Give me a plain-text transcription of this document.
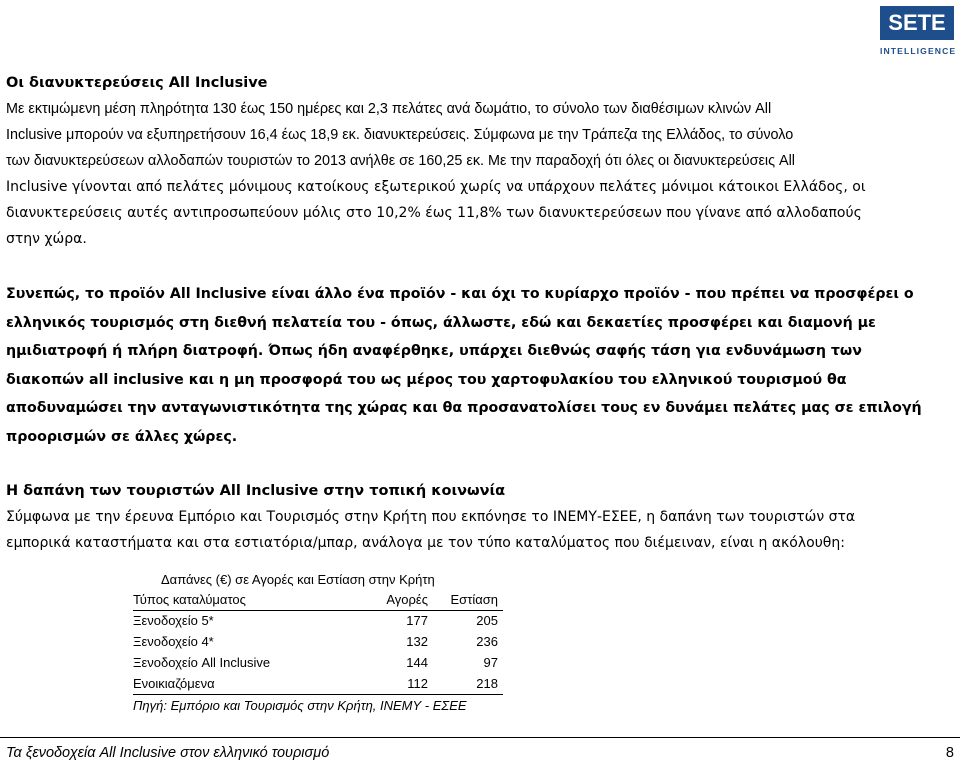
SETE
INTELLIGENCE

Οι διανυκτερεύσεις All Inclusive

Με εκτιμώμενη μέση πληρότητα 130 έως 150 ημέρες και 2,3 πελάτες ανά δωμάτιο, το σύνολο των διαθέσιμων κλινών All

Inclusive μπορούν να εξυπηρετήσουν 16,4 έως 18,9 εκ. διανυκτερεύσεις. Σύμφωνα με την Τράπεζα της Ελλάδος, το σύνολο

των διανυκτερεύσεων αλλοδαπών τουριστών το 2013 ανήλθε σε 160,25 εκ. Με την παραδοχή ότι όλες οι διανυκτερεύσεις All

Inclusive γίνονται από πελάτες μόνιμους κατοίκους εξωτερικού χωρίς να υπάρχουν πελάτες μόνιμοι κάτοικοι Ελλάδος, οι

διανυκτερεύσεις αυτές αντιπροσωπεύουν μόλις στο 10,2% έως 11,8% των διανυκτερεύσεων που γίνανε από αλλοδαπούς

στην χώρα.

Συνεπώς, το προϊόν All Inclusive είναι άλλο ένα προϊόν - και όχι το κυρίαρχο προϊόν - που πρέπει να προσφέρει ο

ελληνικός τουρισμός στη διεθνή πελατεία του - όπως, άλλωστε, εδώ και δεκαετίες προσφέρει και διαμονή με

ημιδιατροφή ή πλήρη διατροφή. Όπως ήδη αναφέρθηκε, υπάρχει διεθνώς σαφής τάση για ενδυνάμωση των

διακοπών all inclusive και η μη προσφορά του ως μέρος του χαρτοφυλακίου του ελληνικού τουρισμού θα

αποδυναμώσει την ανταγωνιστικότητα της χώρας και θα προσανατολίσει τους εν δυνάμει πελάτες μας σε επιλογή

προορισμών σε άλλες χώρες.

Η δαπάνη των τουριστών All Inclusive στην τοπική κοινωνία

Σύμφωνα με την έρευνα Εμπόριο και Τουρισμός στην Κρήτη που εκπόνησε το ΙΝΕΜΥ-ΕΣΕΕ, η δαπάνη των τουριστών στα

εμπορικά καταστήματα και στα εστιατόρια/μπαρ, ανάλογα με τον τύπο καταλύματος που διέμειναν, είναι η ακόλουθη:

Δαπάνες (€) σε Αγορές και Εστίαση στην Κρήτη
Τύπος καταλύματος	Αγορές	Εστίαση
Ξενοδοχείο 5*	177	205
Ξενοδοχείο 4*	132	236
Ξενοδοχείο All Inclusive	144	97
Ενοικιαζόμενα	112	218
Πηγή: Εμπόριο και Τουρισμός στην Κρήτη, ΙΝΕΜΥ - ΕΣΕΕ
Τα ξενοδοχεία All Inclusive στον ελληνικό τουρισμό	8
